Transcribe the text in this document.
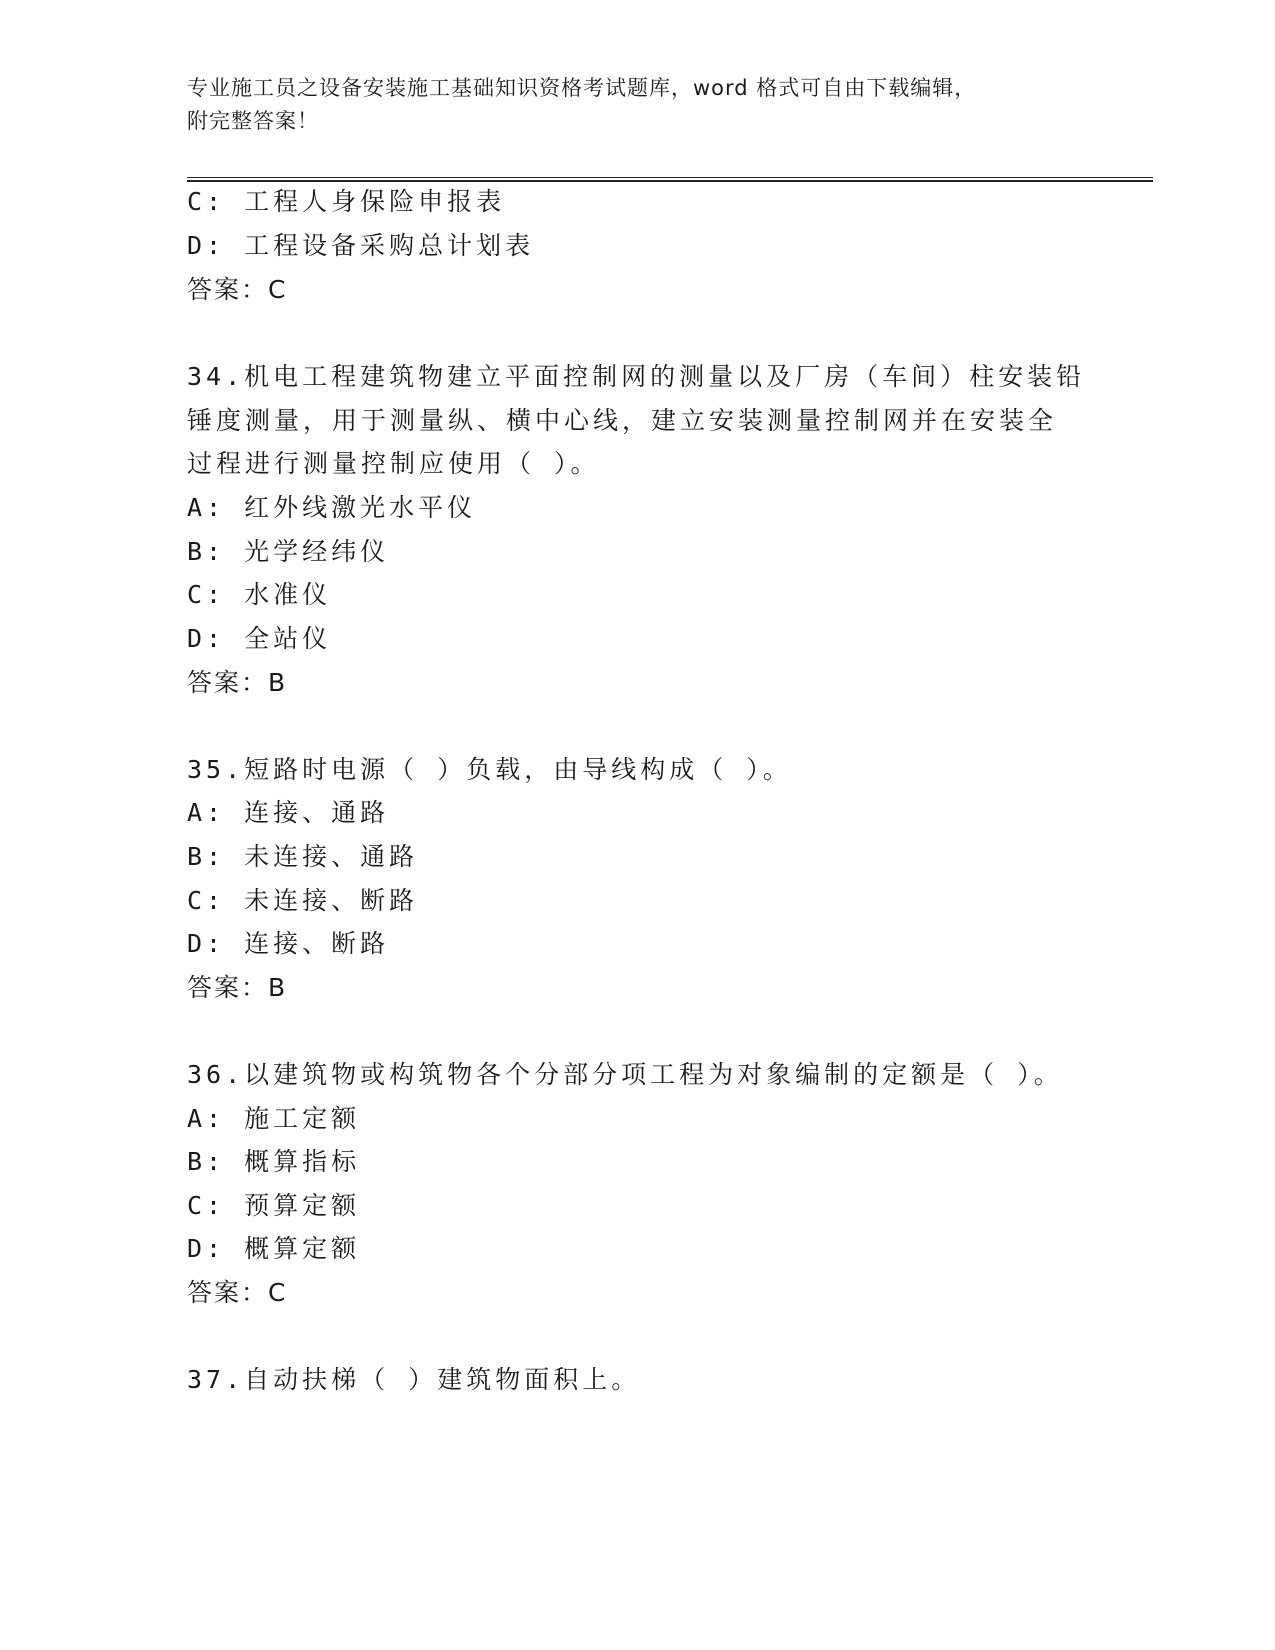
专业施工员之设备安装施工基础知识资格考试题库，word 格式可自由下载编辑，
附完整答案！
C: 工程人身保险申报表
D: 工程设备采购总计划表
答案：C
34.机电工程建筑物建立平面控制网的测量以及厂房（车间）柱安装铅
锤度测量，用于测量纵、横中心线，建立安装测量控制网并在安装全
过程进行测量控制应使用（ ）。
A: 红外线激光水平仪
B: 光学经纬仪
C: 水准仪
D: 全站仪
答案：B
35.短路时电源（ ）负载，由导线构成（ ）。
A: 连接、通路
B: 未连接、通路
C: 未连接、断路
D: 连接、断路
答案：B
36.以建筑物或构筑物各个分部分项工程为对象编制的定额是（ ）。
A: 施工定额
B: 概算指标
C: 预算定额
D: 概算定额
答案：C
37.自动扶梯（ ）建筑物面积上。
